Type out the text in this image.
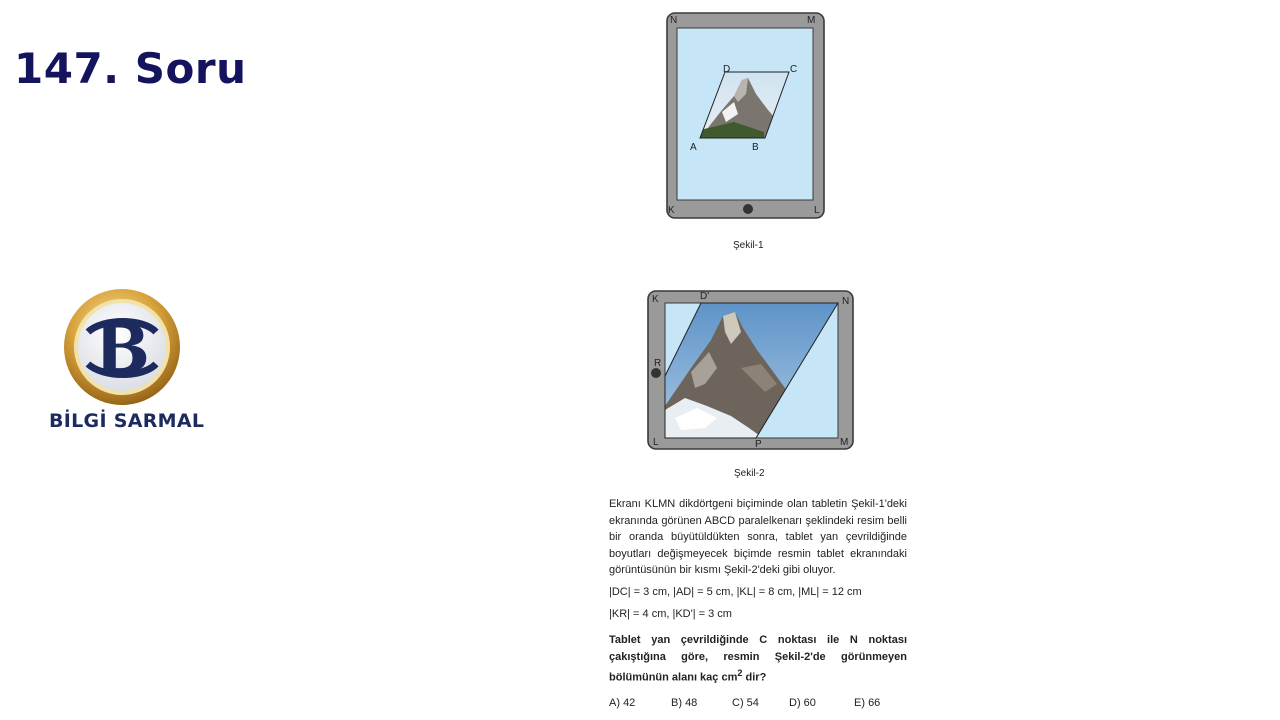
147. Soru
B
BİLGİ SARMAL
N	M
K	L
D	C
A	B
Şekil-1
K	D'	N
R
L	P	M
Şekil-2

Ekranı KLMN dikdörtgeni biçiminde olan tabletin Şekil-1'deki ekranında görünen ABCD paralelkenarı şeklindeki resim belli bir oranda büyütüldükten sonra, tablet yan çevrildiğinde boyutları değişmeyecek biçimde resmin tablet ekranındaki görüntüsünün bir kısmı Şekil-2'deki gibi oluyor.

|DC| = 3 cm, |AD| = 5 cm, |KL| = 8 cm, |ML| = 12 cm
|KR| = 4 cm, |KD'| = 3 cm

Tablet yan çevrildiğinde C noktası ile N noktası çakıştığına göre, resmin Şekil-2'de görünmeyen bölümünün alanı kaç $cm^2$ dir?

A) 42	B) 48	C) 54	D) 60	E) 66
